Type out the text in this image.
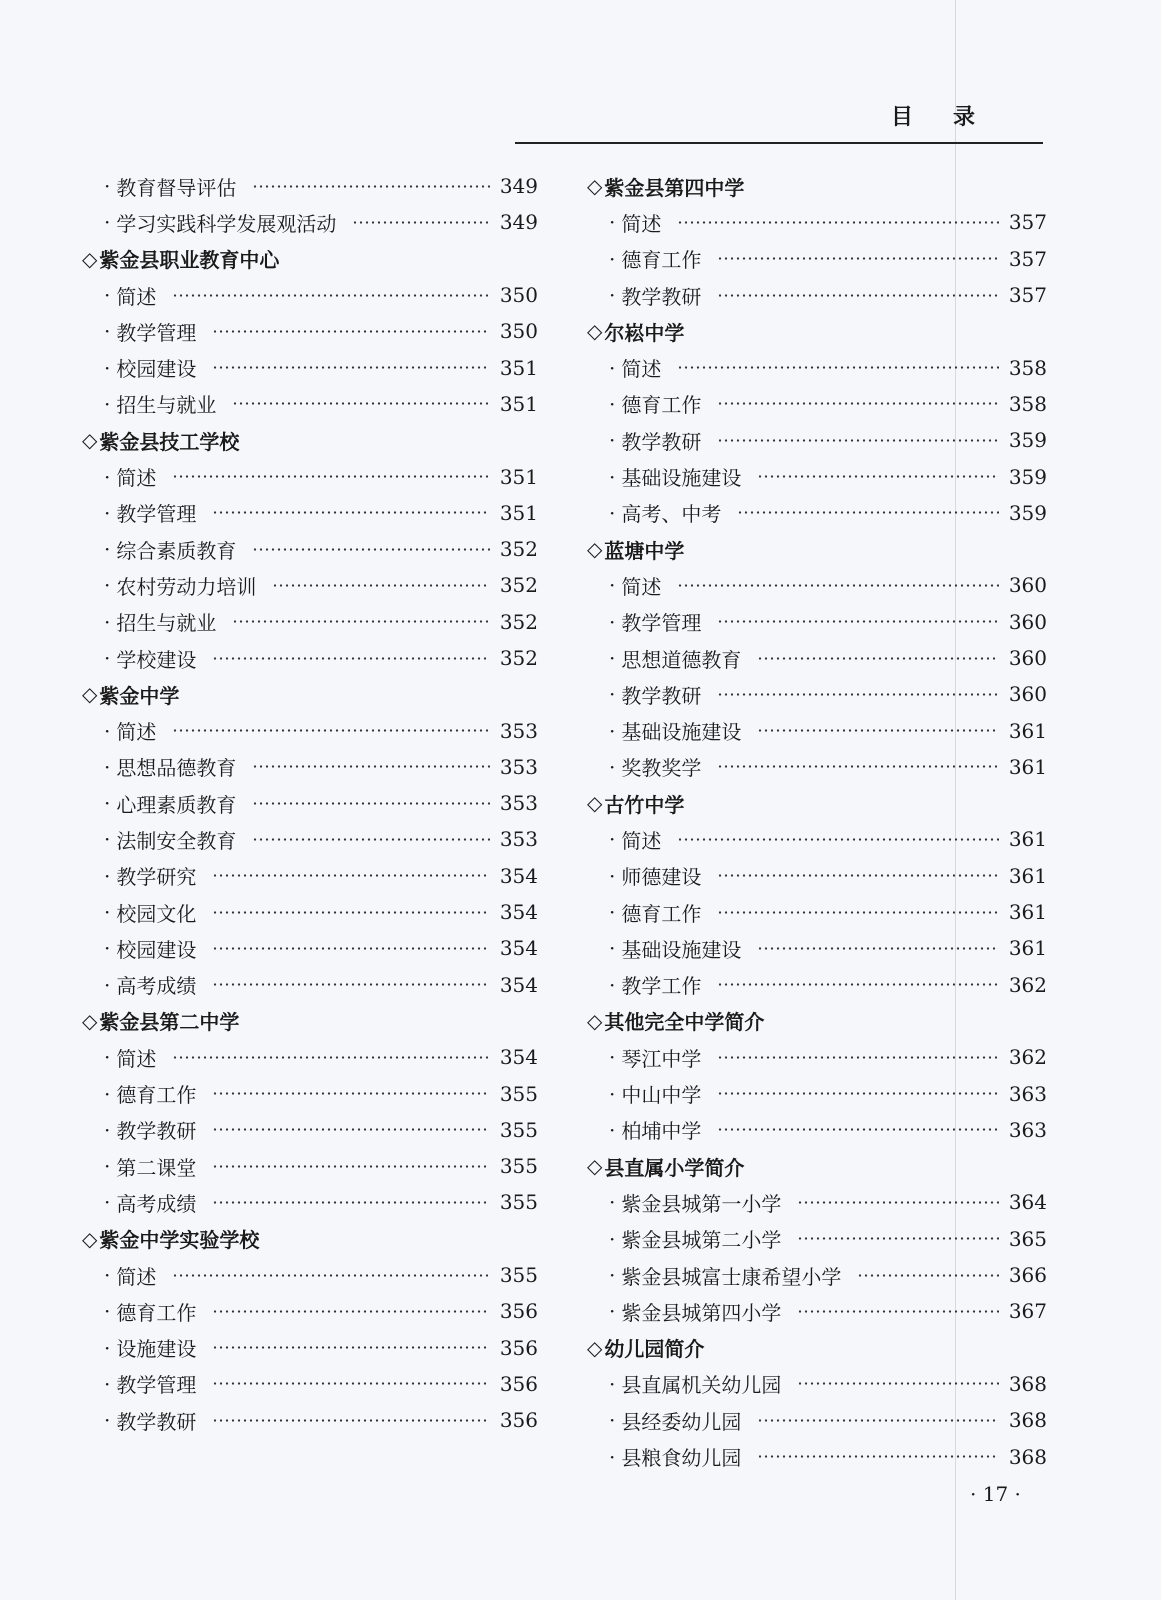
目录
· 教育督导评估	349
· 学习实践科学发展观活动	349
◇ 紫金县职业教育中心
· 简述	350
· 教学管理	350
· 校园建设	351
· 招生与就业	351
◇ 紫金县技工学校
· 简述	351
· 教学管理	351
· 综合素质教育	352
· 农村劳动力培训	352
· 招生与就业	352
· 学校建设	352
◇ 紫金中学
· 简述	353
· 思想品德教育	353
· 心理素质教育	353
· 法制安全教育	353
· 教学研究	354
· 校园文化	354
· 校园建设	354
· 高考成绩	354
◇ 紫金县第二中学
· 简述	354
· 德育工作	355
· 教学教研	355
· 第二课堂	355
· 高考成绩	355
◇ 紫金中学实验学校
· 简述	355
· 德育工作	356
· 设施建设	356
· 教学管理	356
· 教学教研	356
◇ 紫金县第四中学
· 简述	357
· 德育工作	357
· 教学教研	357
◇ 尔崧中学
· 简述	358
· 德育工作	358
· 教学教研	359
· 基础设施建设	359
· 高考、中考	359
◇ 蓝塘中学
· 简述	360
· 教学管理	360
· 思想道德教育	360
· 教学教研	360
· 基础设施建设	361
· 奖教奖学	361
◇ 古竹中学
· 简述	361
· 师德建设	361
· 德育工作	361
· 基础设施建设	361
· 教学工作	362
◇ 其他完全中学简介
· 琴江中学	362
· 中山中学	363
· 柏埔中学	363
◇ 县直属小学简介
· 紫金县城第一小学	364
· 紫金县城第二小学	365
· 紫金县城富士康希望小学	366
· 紫金县城第四小学	367
◇ 幼儿园简介
· 县直属机关幼儿园	368
· 县经委幼儿园	368
· 县粮食幼儿园	368
· 17 ·
